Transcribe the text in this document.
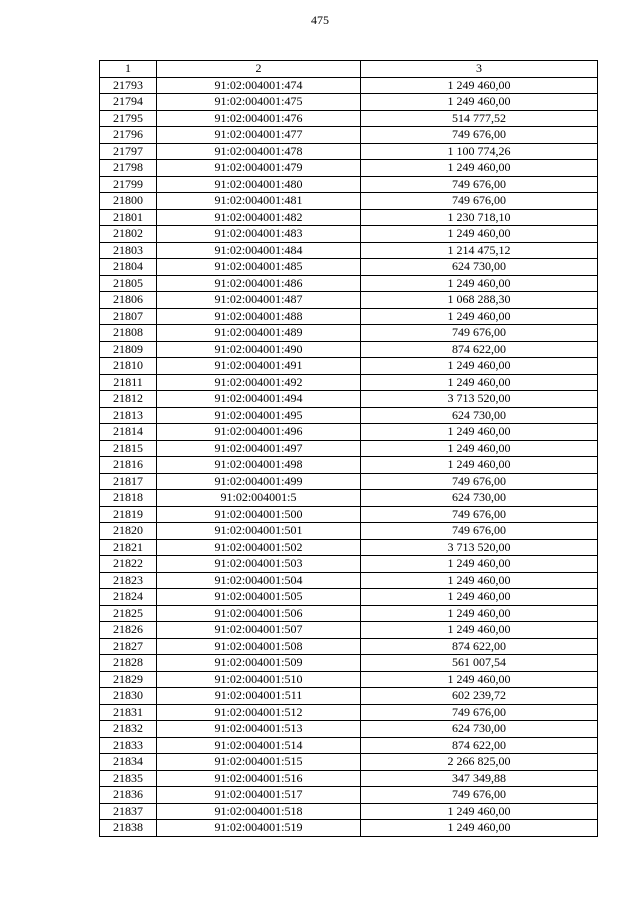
475
1	2	3
21793	91:02:004001:474	1 249 460,00
21794	91:02:004001:475	1 249 460,00
21795	91:02:004001:476	514 777,52
21796	91:02:004001:477	749 676,00
21797	91:02:004001:478	1 100 774,26
21798	91:02:004001:479	1 249 460,00
21799	91:02:004001:480	749 676,00
21800	91:02:004001:481	749 676,00
21801	91:02:004001:482	1 230 718,10
21802	91:02:004001:483	1 249 460,00
21803	91:02:004001:484	1 214 475,12
21804	91:02:004001:485	624 730,00
21805	91:02:004001:486	1 249 460,00
21806	91:02:004001:487	1 068 288,30
21807	91:02:004001:488	1 249 460,00
21808	91:02:004001:489	749 676,00
21809	91:02:004001:490	874 622,00
21810	91:02:004001:491	1 249 460,00
21811	91:02:004001:492	1 249 460,00
21812	91:02:004001:494	3 713 520,00
21813	91:02:004001:495	624 730,00
21814	91:02:004001:496	1 249 460,00
21815	91:02:004001:497	1 249 460,00
21816	91:02:004001:498	1 249 460,00
21817	91:02:004001:499	749 676,00
21818	91:02:004001:5	624 730,00
21819	91:02:004001:500	749 676,00
21820	91:02:004001:501	749 676,00
21821	91:02:004001:502	3 713 520,00
21822	91:02:004001:503	1 249 460,00
21823	91:02:004001:504	1 249 460,00
21824	91:02:004001:505	1 249 460,00
21825	91:02:004001:506	1 249 460,00
21826	91:02:004001:507	1 249 460,00
21827	91:02:004001:508	874 622,00
21828	91:02:004001:509	561 007,54
21829	91:02:004001:510	1 249 460,00
21830	91:02:004001:511	602 239,72
21831	91:02:004001:512	749 676,00
21832	91:02:004001:513	624 730,00
21833	91:02:004001:514	874 622,00
21834	91:02:004001:515	2 266 825,00
21835	91:02:004001:516	347 349,88
21836	91:02:004001:517	749 676,00
21837	91:02:004001:518	1 249 460,00
21838	91:02:004001:519	1 249 460,00
